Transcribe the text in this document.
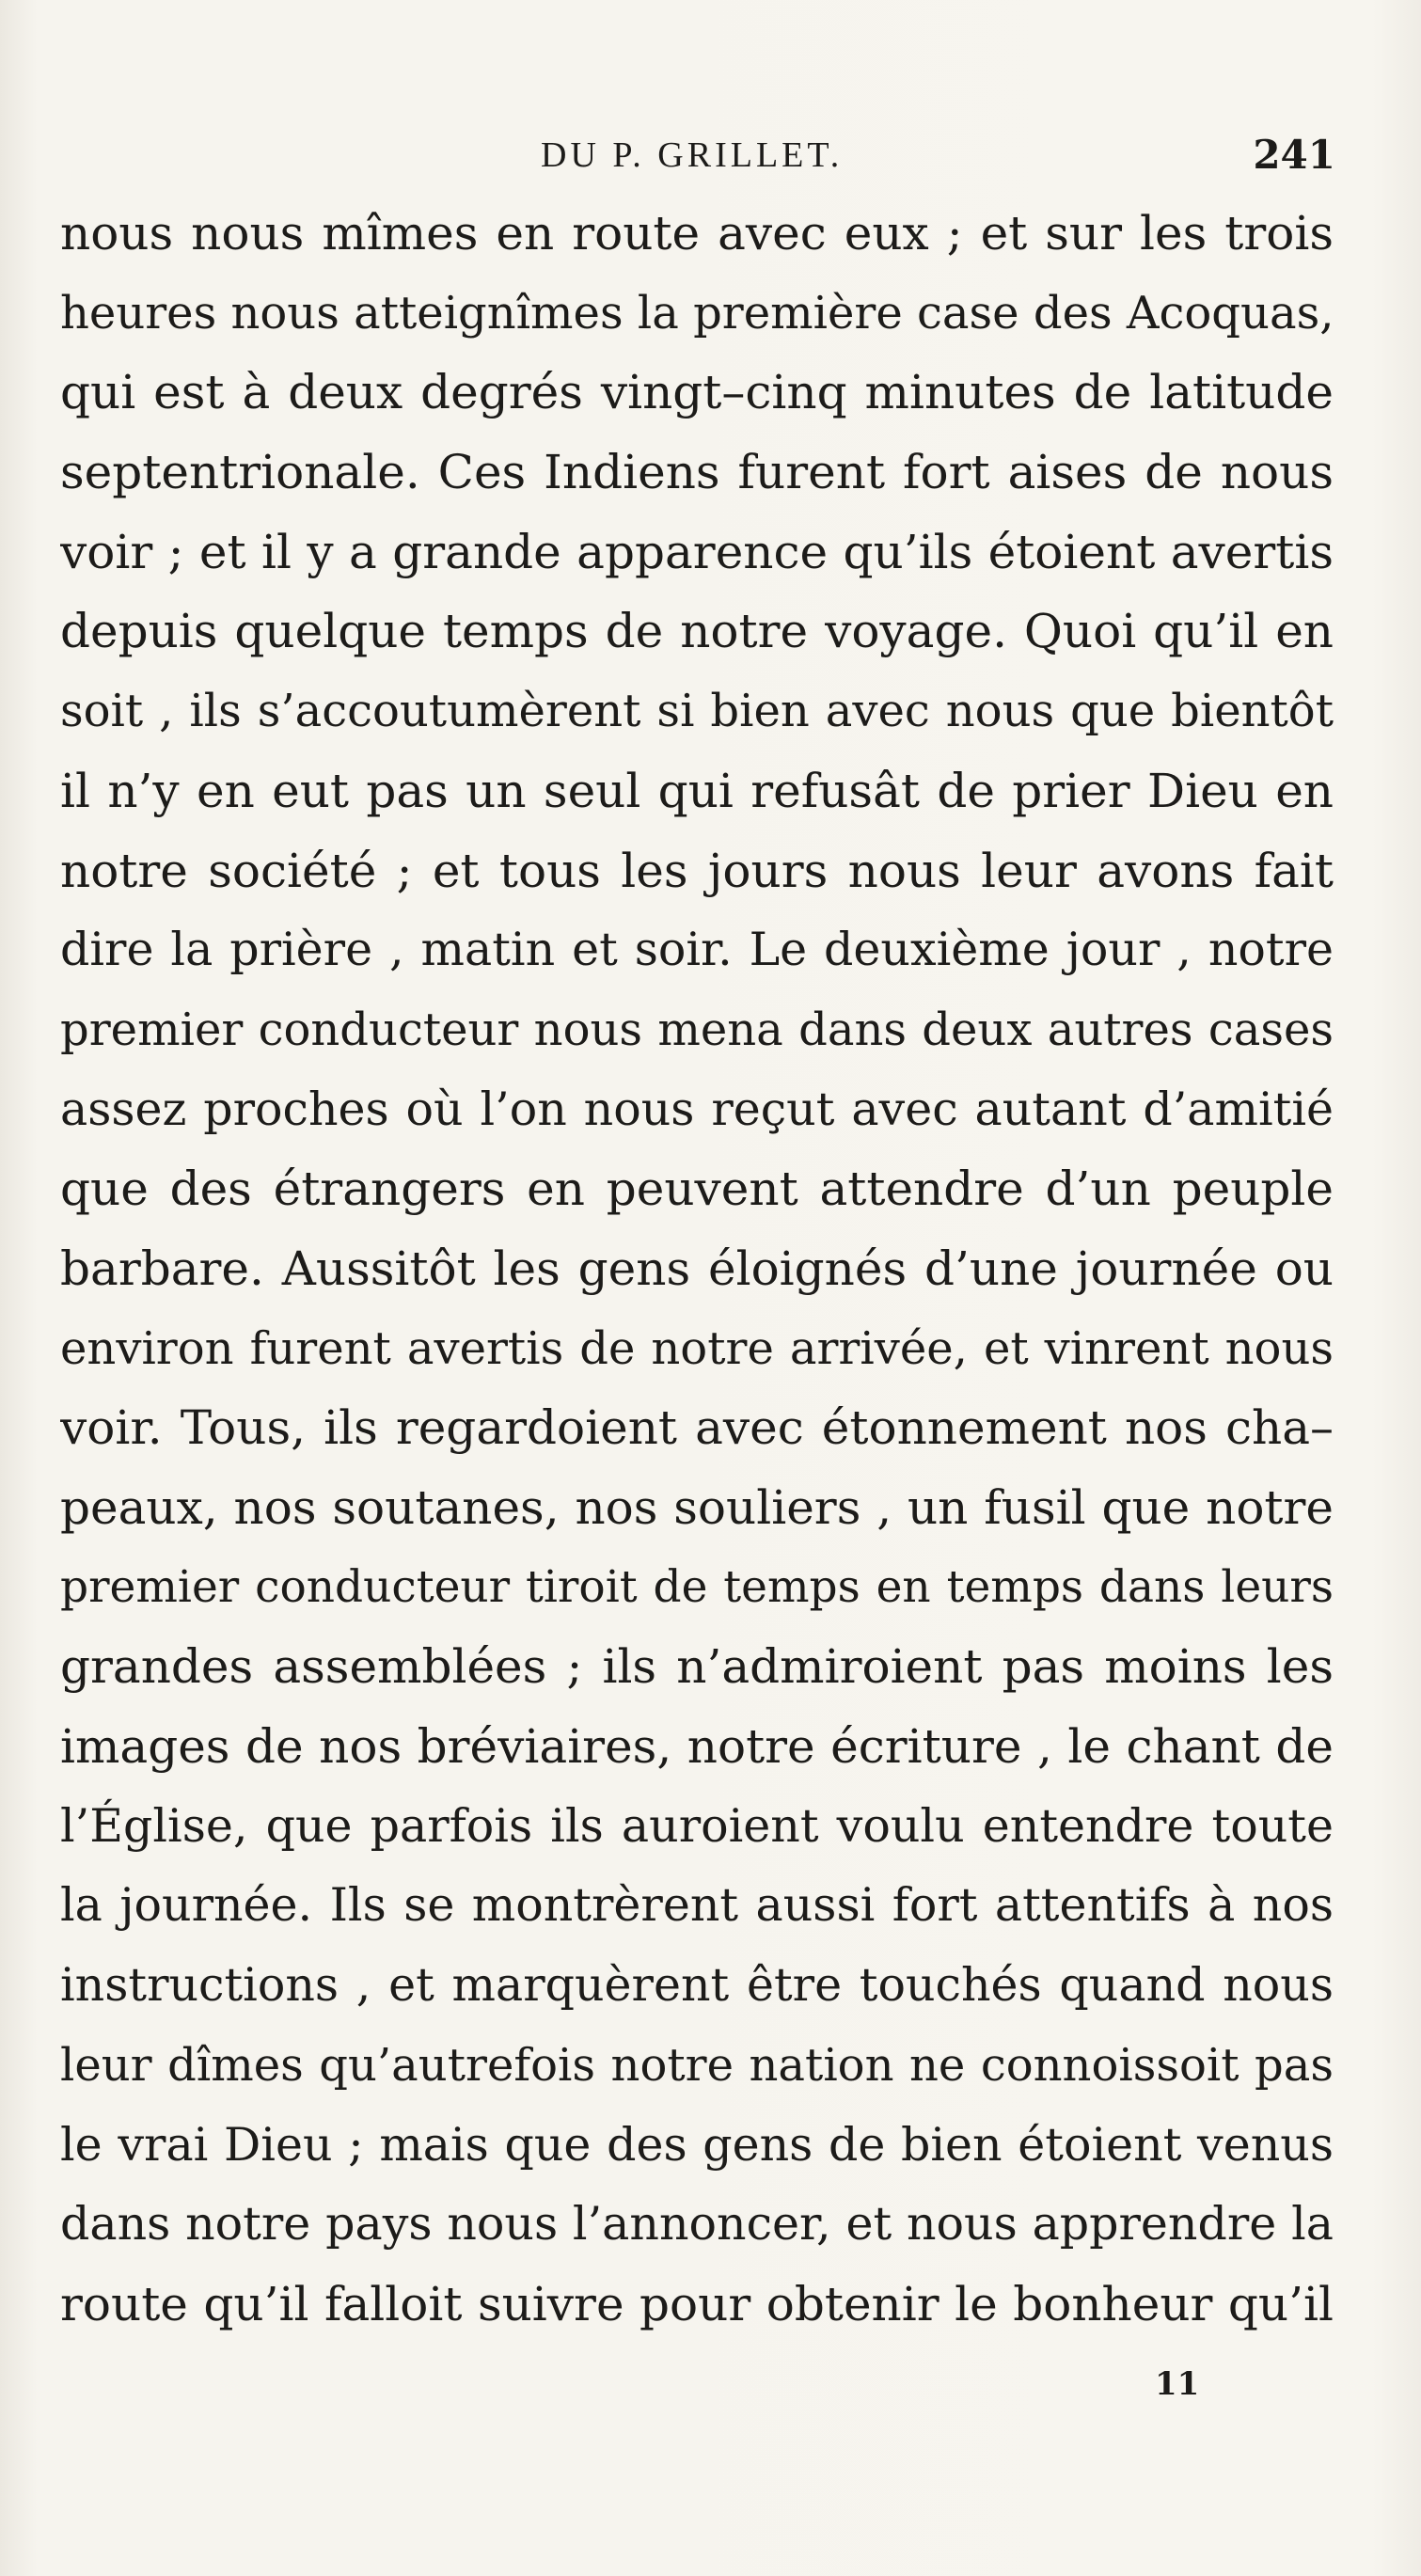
DU P. GRILLET.	241
nous nous mîmes en route avec eux ; et sur les trois
heures nous atteignîmes la première case des Acoquas,
qui est à deux degrés vingt–cinq minutes de latitude
septentrionale. Ces Indiens furent fort aises de nous
voir ; et il y a grande apparence qu’ils étoient avertis
depuis quelque temps de notre voyage. Quoi qu’il en
soit , ils s’accoutumèrent si bien avec nous que bientôt
il n’y en eut pas un seul qui refusât de prier Dieu en
notre société ; et tous les jours nous leur avons fait
dire la prière , matin et soir. Le deuxième jour , notre
premier conducteur nous mena dans deux autres cases
assez proches où l’on nous reçut avec autant d’amitié
que des étrangers en peuvent attendre d’un peuple
barbare. Aussitôt les gens éloignés d’une journée ou
environ furent avertis de notre arrivée, et vinrent nous
voir. Tous, ils regardoient avec étonnement nos cha–
peaux, nos soutanes, nos souliers , un fusil que notre
premier conducteur tiroit de temps en temps dans leurs
grandes assemblées ; ils n’admiroient pas moins les
images de nos bréviaires, notre écriture , le chant de
l’Église, que parfois ils auroient voulu entendre toute
la journée. Ils se montrèrent aussi fort attentifs à nos
instructions , et marquèrent être touchés quand nous
leur dîmes qu’autrefois notre nation ne connoissoit pas
le vrai Dieu ; mais que des gens de bien étoient venus
dans notre pays nous l’annoncer, et nous apprendre la
route qu’il falloit suivre pour obtenir le bonheur qu’il
11
